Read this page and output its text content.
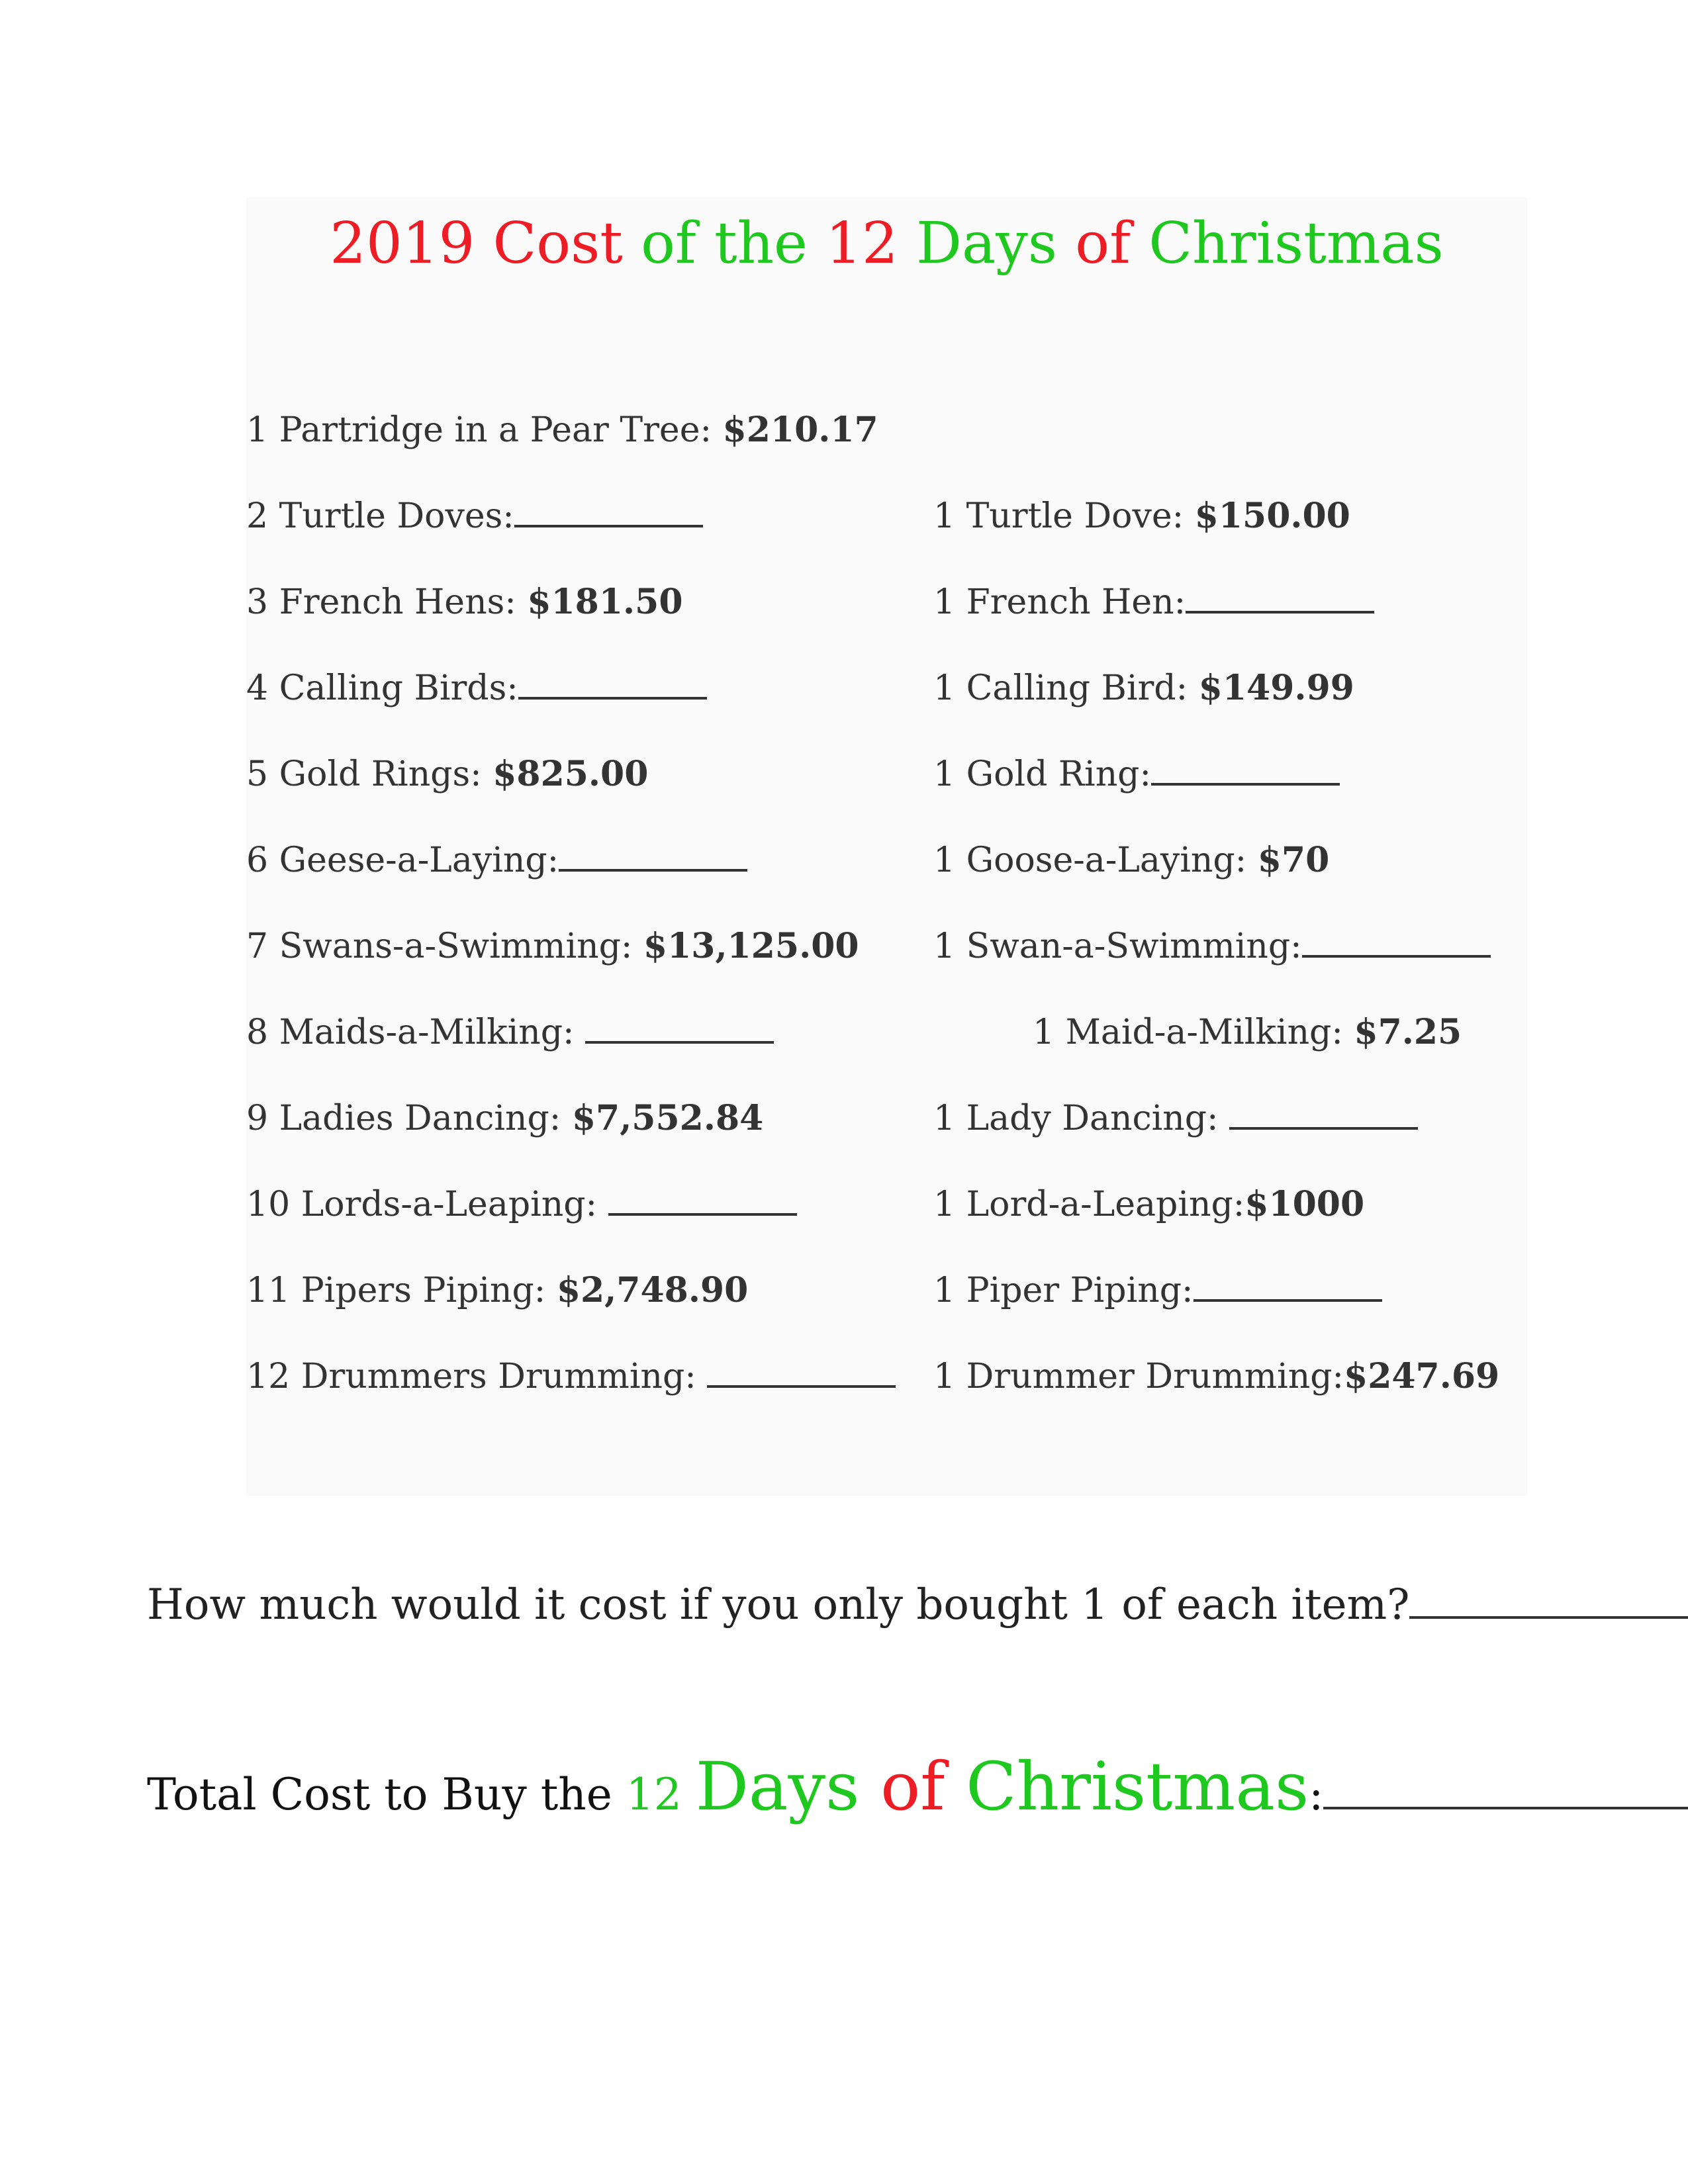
2019 Cost of the 12 Days of Christmas
How much would it cost if you only bought 1 of each item?
Total Cost to Buy the 12 Days of Christmas:
1 Partridge in a Pear Tree: $210.17
2 Turtle Doves:
3 French Hens: $181.50
4 Calling Birds:
5 Gold Rings: $825.00
6 Geese-a-Laying:
7 Swans-a-Swimming: $13,125.00
8 Maids-a-Milking:
9 Ladies Dancing: $7,552.84
10 Lords-a-Leaping:
11 Pipers Piping: $2,748.90
12 Drummers Drumming:
1 Turtle Dove: $150.00
1 French Hen:
1 Calling Bird: $149.99
1 Gold Ring:
1 Goose-a-Laying: $70
1 Swan-a-Swimming:
1 Maid-a-Milking: $7.25
1 Lady Dancing:
1 Lord-a-Leaping:$1000
1 Piper Piping:
1 Drummer Drumming:$247.69
